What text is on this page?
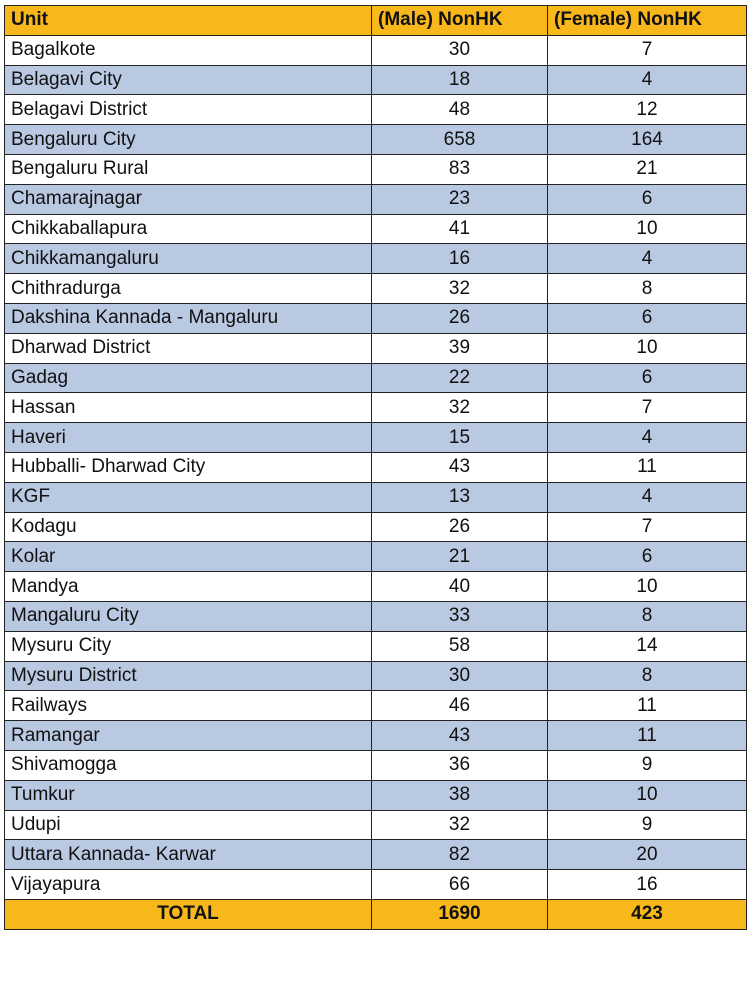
Unit	(Male) NonHK	(Female) NonHK
Bagalkote	30	7
Belagavi City	18	4
Belagavi District	48	12
Bengaluru City	658	164
Bengaluru Rural	83	21
Chamarajnagar	23	6
Chikkaballapura	41	10
Chikkamangaluru	16	4
Chithradurga	32	8
Dakshina Kannada - Mangaluru	26	6
Dharwad District	39	10
Gadag	22	6
Hassan	32	7
Haveri	15	4
Hubballi- Dharwad City	43	11
KGF	13	4
Kodagu	26	7
Kolar	21	6
Mandya	40	10
Mangaluru City	33	8
Mysuru City	58	14
Mysuru District	30	8
Railways	46	11
Ramangar	43	11
Shivamogga	36	9
Tumkur	38	10
Udupi	32	9
Uttara Kannada- Karwar	82	20
Vijayapura	66	16
TOTAL	1690	423
